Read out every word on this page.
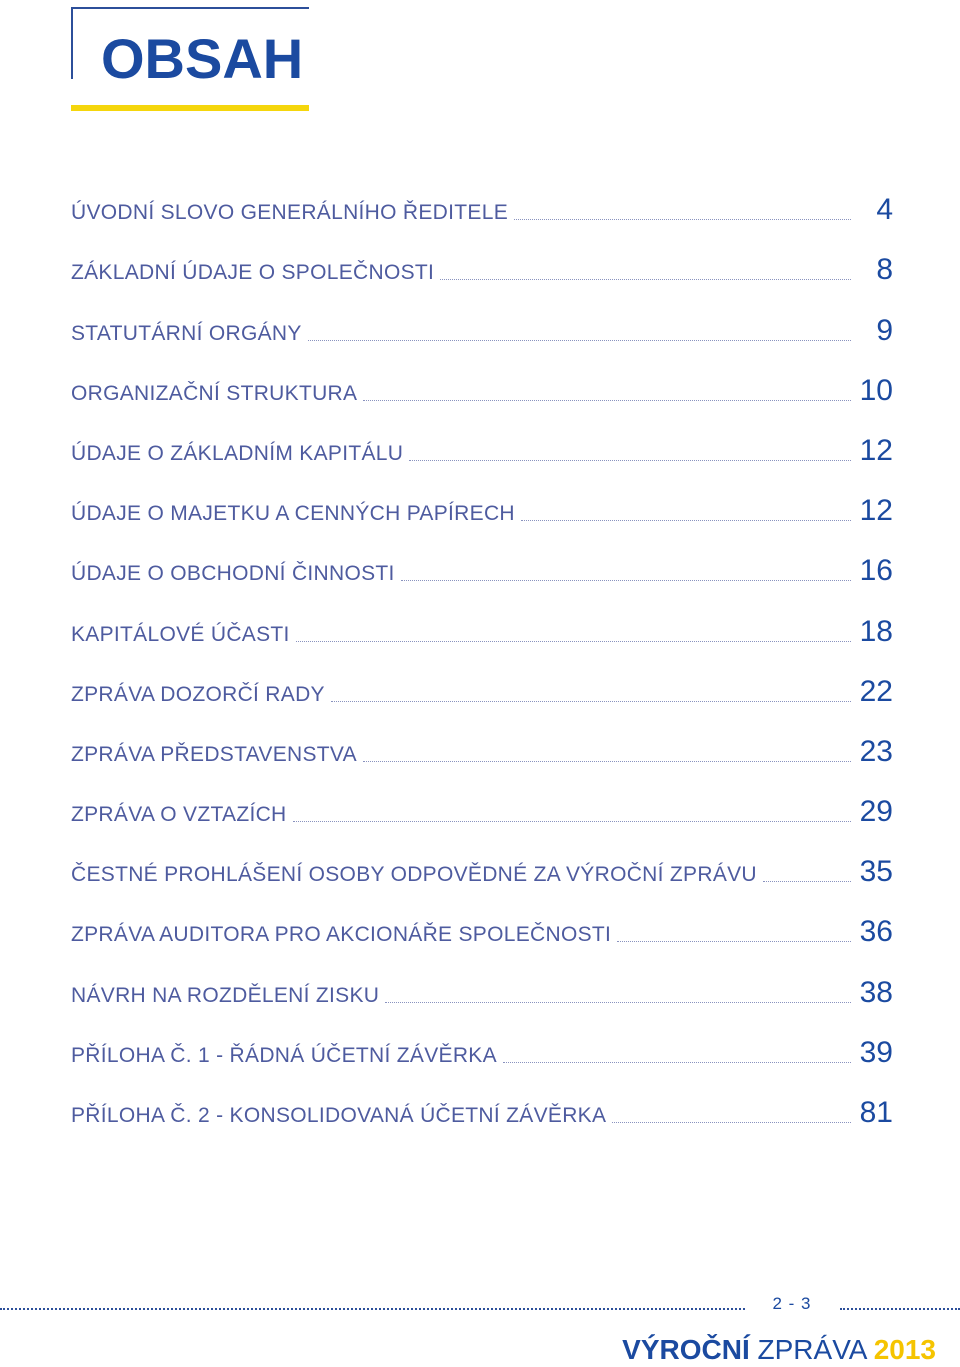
OBSAH
ÚVODNÍ SLOVO GENERÁLNÍHO ŘEDITELE	4
ZÁKLADNÍ ÚDAJE O SPOLEČNOSTI	8
STATUTÁRNÍ ORGÁNY	9
ORGANIZAČNÍ STRUKTURA	10
ÚDAJE O ZÁKLADNÍM KAPITÁLU	12
ÚDAJE O MAJETKU A CENNÝCH PAPÍRECH	12
ÚDAJE O OBCHODNÍ ČINNOSTI	16
KAPITÁLOVÉ ÚČASTI	18
ZPRÁVA DOZORČÍ RADY	22
ZPRÁVA PŘEDSTAVENSTVA	23
ZPRÁVA O VZTAZÍCH	29
ČESTNÉ PROHLÁŠENÍ OSOBY ODPOVĚDNÉ ZA VÝROČNÍ ZPRÁVU	35
ZPRÁVA AUDITORA PRO AKCIONÁŘE SPOLEČNOSTI	36
NÁVRH NA ROZDĚLENÍ ZISKU	38
PŘÍLOHA Č. 1 - ŘÁDNÁ ÚČETNÍ ZÁVĚRKA	39
PŘÍLOHA Č. 2 - KONSOLIDOVANÁ ÚČETNÍ ZÁVĚRKA	81
2 - 3
VÝROČNÍ ZPRÁVA 2013
